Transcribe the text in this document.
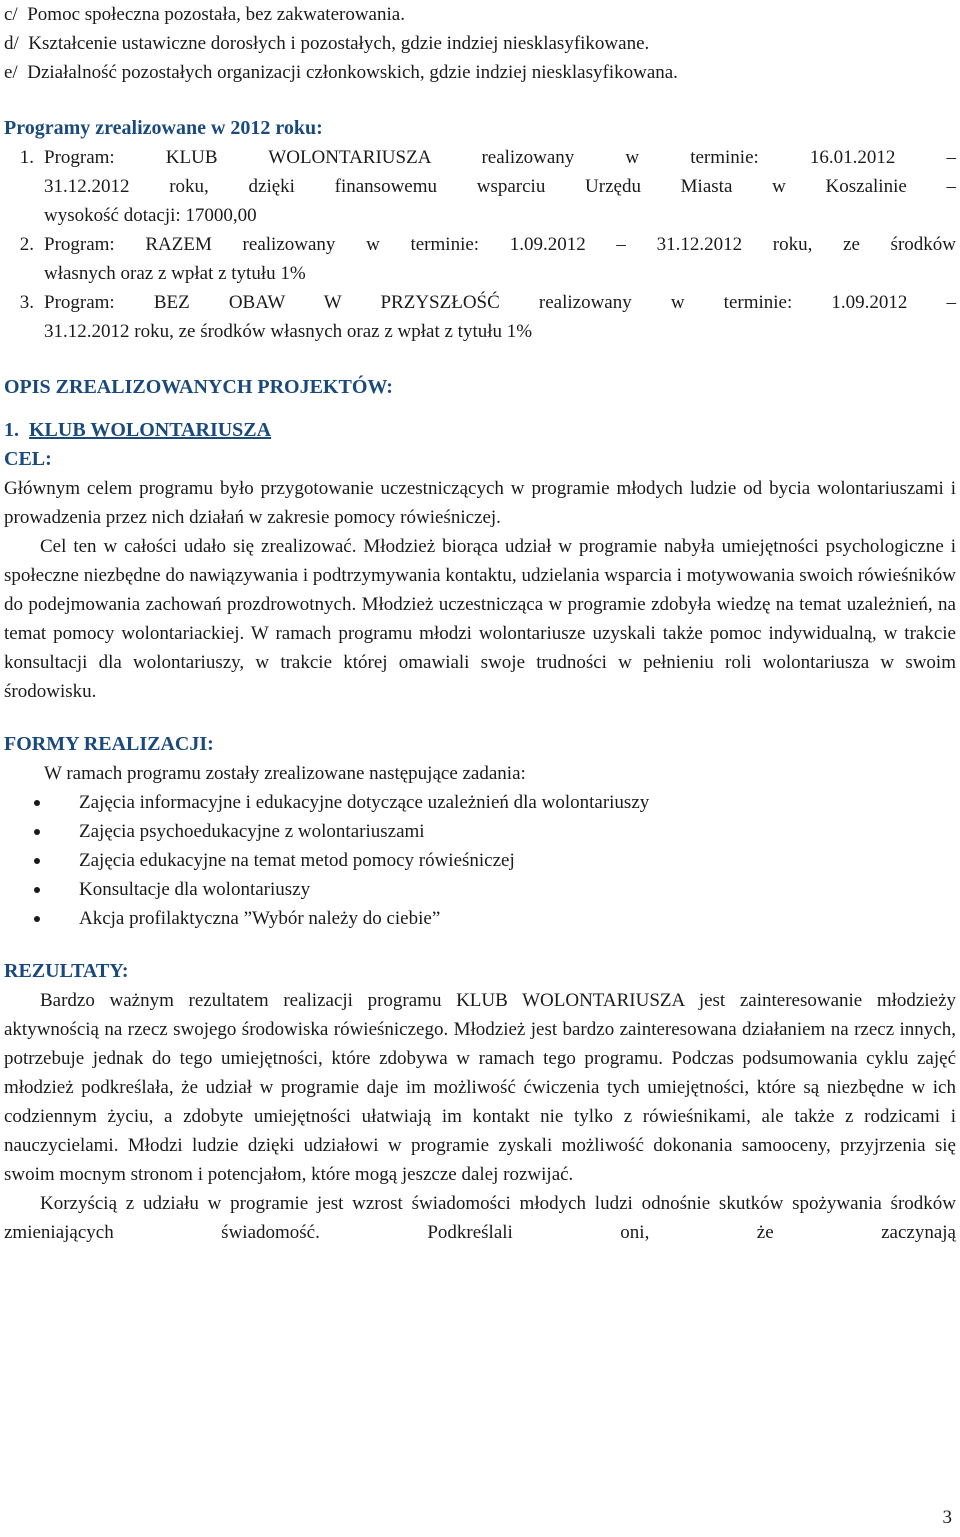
c/ Pomoc społeczna pozostała, bez zakwaterowania.
d/ Kształcenie ustawiczne dorosłych i pozostałych, gdzie indziej niesklasyfikowane.
e/ Działalność pozostałych organizacji członkowskich, gdzie indziej niesklasyfikowana.
Programy zrealizowane w 2012 roku:
1. Program: KLUB WOLONTARIUSZA realizowany w terminie: 16.01.2012 –
31.12.2012 roku, dzięki finansowemu wsparciu Urzędu Miasta w Koszalinie –
wysokość dotacji: 17000,00
2. Program: RAZEM realizowany w terminie: 1.09.2012 – 31.12.2012 roku, ze środków
własnych oraz z wpłat z tytułu 1%
3. Program: BEZ OBAW W PRZYSZŁOŚĆ realizowany w terminie: 1.09.2012 –
31.12.2012 roku, ze środków własnych oraz z wpłat z tytułu 1%
OPIS ZREALIZOWANYCH PROJEKTÓW:
1. KLUB WOLONTARIUSZA
CEL:
Głównym celem programu było przygotowanie uczestniczących w programie młodych ludzie od bycia wolontariuszami i prowadzenia przez nich działań w zakresie pomocy rówieśniczej.
Cel ten w całości udało się zrealizować. Młodzież biorąca udział w programie nabyła umiejętności psychologiczne i społeczne niezbędne do nawiązywania i podtrzymywania kontaktu, udzielania wsparcia i motywowania swoich rówieśników do podejmowania zachowań prozdrowotnych. Młodzież uczestnicząca w programie zdobyła wiedzę na temat uzależnień, na temat pomocy wolontariackiej. W ramach programu młodzi wolontariusze uzyskali także pomoc indywidualną, w trakcie konsultacji dla wolontariuszy, w trakcie której omawiali swoje trudności w pełnieniu roli wolontariusza w swoim środowisku.
FORMY REALIZACJI:
W ramach programu zostały zrealizowane następujące zadania:
Zajęcia informacyjne i edukacyjne dotyczące uzależnień dla wolontariuszy
Zajęcia psychoedukacyjne z wolontariuszami
Zajęcia edukacyjne na temat metod pomocy rówieśniczej
Konsultacje dla wolontariuszy
Akcja profilaktyczna ”Wybór należy do ciebie”
REZULTATY:
Bardzo ważnym rezultatem realizacji programu KLUB WOLONTARIUSZA jest zainteresowanie młodzieży aktywnością na rzecz swojego środowiska rówieśniczego. Młodzież jest bardzo zainteresowana działaniem na rzecz innych, potrzebuje jednak do tego umiejętności, które zdobywa w ramach tego programu. Podczas podsumowania cyklu zajęć młodzież podkreślała, że udział w programie daje im możliwość ćwiczenia tych umiejętności, które są niezbędne w ich codziennym życiu, a zdobyte umiejętności ułatwiają im kontakt nie tylko z rówieśnikami, ale także z rodzicami i nauczycielami. Młodzi ludzie dzięki udziałowi w programie zyskali możliwość dokonania samooceny, przyjrzenia się swoim mocnym stronom i potencjałom, które mogą jeszcze dalej rozwijać.
Korzyścią z udziału w programie jest wzrost świadomości młodych ludzi odnośnie skutków spożywania środków zmieniających świadomość. Podkreślali oni, że zaczynają
3
